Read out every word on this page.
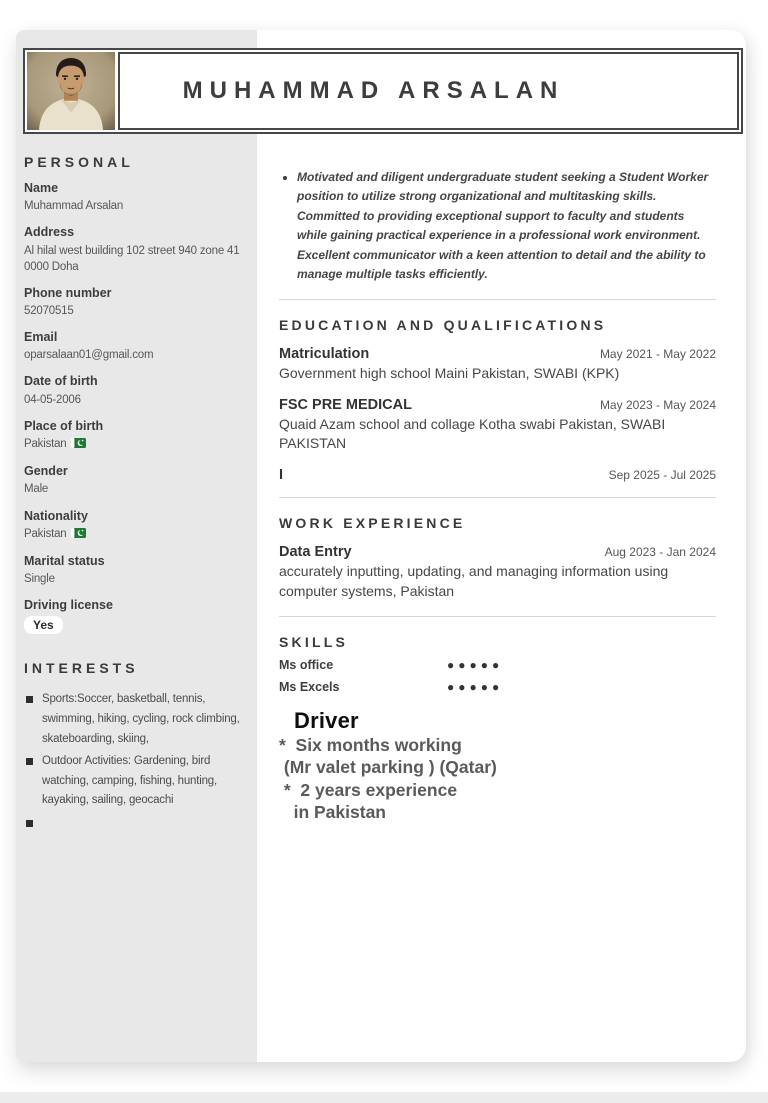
MUHAMMAD ARSALAN
PERSONAL
Name
Muhammad Arsalan
Address
Al hilal west building 102 street 940 zone 41 0000 Doha
Phone number
52070515
Email
oparsalaan01@gmail.com
Date of birth
04-05-2006
Place of birth
Pakistan
Gender
Male
Nationality
Pakistan
Marital status
Single
Driving license
Yes
INTERESTS
Sports:Soccer, basketball, tennis, swimming, hiking, cycling, rock climbing, skateboarding, skiing,
Outdoor Activities: Gardening, bird watching, camping, fishing, hunting, kayaking, sailing, geocachi

Motivated and diligent undergraduate student seeking a Student Worker position to utilize strong organizational and multitasking skills. Committed to providing exceptional support to faculty and students while gaining practical experience in a professional work environment. Excellent communicator with a keen attention to detail and the ability to manage multiple tasks efficiently.

EDUCATION AND QUALIFICATIONS
Matriculation	May 2021 - May 2022
Government high school Maini Pakistan, SWABI (KPK)
FSC PRE MEDICAL	May 2023 - May 2024
Quaid Azam school and collage Kotha swabi Pakistan, SWABI PAKISTAN
I	Sep 2025 - Jul 2025
WORK EXPERIENCE
Data Entry	Aug 2023 - Jan 2024
accurately inputting, updating, and managing information using computer systems, Pakistan
SKILLS
Ms office	●●●●●
Ms Excels	●●●●●
Driver
*  Six months working
(Mr valet parking ) (Qatar)
*  2 years experience
in Pakistan
